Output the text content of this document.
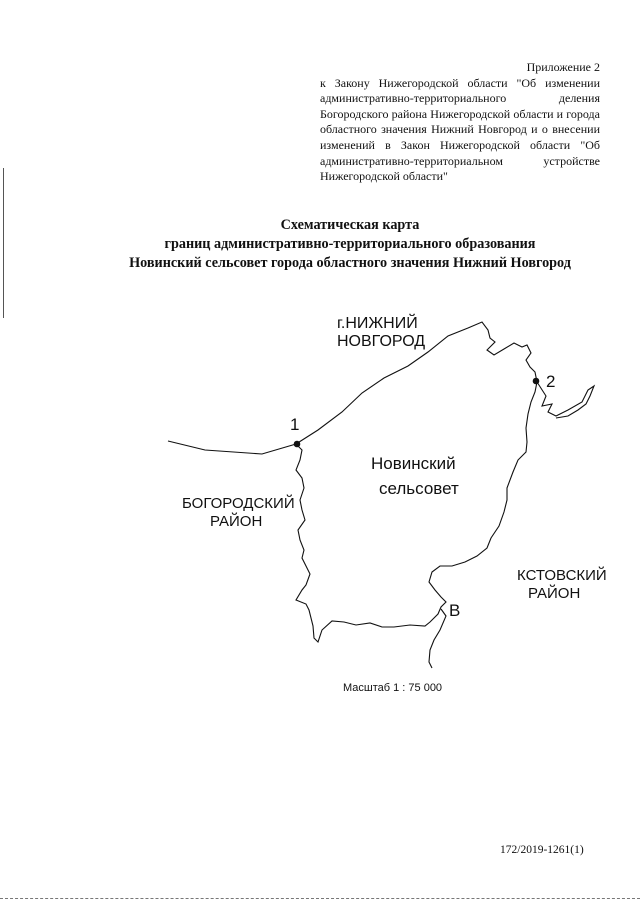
Приложение 2
к Закону Нижегородской области "Об изменении административно-территориального деления Богородского района Нижегородской области и города областного значения Нижний Новгород и о внесении изменений в Закон Нижегородской области "Об административно-территориальном устройстве Нижегородской области"
Схематическая карта
границ административно-территориального образования
Новинский сельсовет города областного значения Нижний Новгород
г.НИЖНИЙ
НОВГОРОД
Новинский
сельсовет
БОГОРОДСКИЙ
РАЙОН
КСТОВСКИЙ
РАЙОН
1
2
В
Масштаб 1 : 75 000
172/2019-1261(1)
